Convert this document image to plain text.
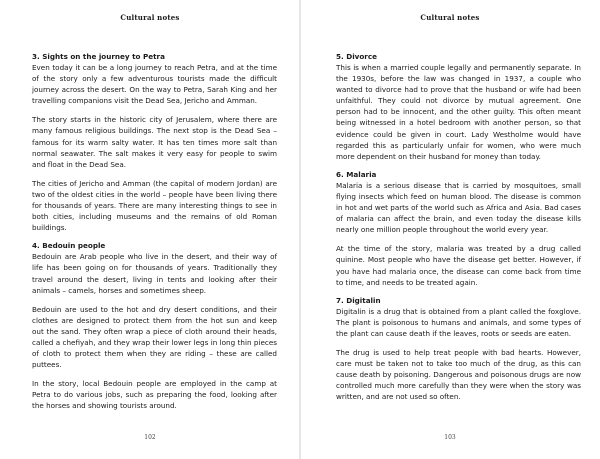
Cultural notes
3. Sights on the journey to Petra

Even today it can be a long journey to reach Petra, and at the time of the story only a few adventurous tourists made the difficult journey across the desert. On the way to Petra, Sarah King and her travelling companions visit the Dead Sea, Jericho and Amman.

The story starts in the historic city of Jerusalem, where there are many famous religious buildings. The next stop is the Dead Sea – famous for its warm salty water. It has ten times more salt than normal seawater. The salt makes it very easy for people to swim and float in the Dead Sea.

The cities of Jericho and Amman (the capital of modern Jordan) are two of the oldest cities in the world – people have been living there for thousands of years. There are many interesting things to see in both cities, including museums and the remains of old Roman buildings.

4. Bedouin people

Bedouin are Arab people who live in the desert, and their way of life has been going on for thousands of years. Traditionally they travel around the desert, living in tents and looking after their animals – camels, horses and sometimes sheep.

Bedouin are used to the hot and dry desert conditions, and their clothes are designed to protect them from the hot sun and keep out the sand. They often wrap a piece of cloth around their heads, called a chefiyah, and they wrap their lower legs in long thin pieces of cloth to protect them when they are riding – these are called puttees.

In the story, local Bedouin people are employed in the camp at Petra to do various jobs, such as preparing the food, looking after the horses and showing tourists around.

102
Cultural notes
5. Divorce

This is when a married couple legally and permanently separate. In the 1930s, before the law was changed in 1937, a couple who wanted to divorce had to prove that the husband or wife had been unfaithful. They could not divorce by mutual agreement. One person had to be innocent, and the other guilty. This often meant being witnessed in a hotel bedroom with another person, so that evidence could be given in court. Lady Westholme would have regarded this as particularly unfair for women, who were much more dependent on their husband for money than today.

6. Malaria

Malaria is a serious disease that is carried by mosquitoes, small flying insects which feed on human blood. The disease is common in hot and wet parts of the world such as Africa and Asia. Bad cases of malaria can affect the brain, and even today the disease kills nearly one million people throughout the world every year.

At the time of the story, malaria was treated by a drug called quinine. Most people who have the disease get better. However, if you have had malaria once, the disease can come back from time to time, and needs to be treated again.

7. Digitalin

Digitalin is a drug that is obtained from a plant called the foxglove. The plant is poisonous to humans and animals, and some types of the plant can cause death if the leaves, roots or seeds are eaten.

The drug is used to help treat people with bad hearts. However, care must be taken not to take too much of the drug, as this can cause death by poisoning. Dangerous and poisonous drugs are now controlled much more carefully than they were when the story was written, and are not used so often.

103
